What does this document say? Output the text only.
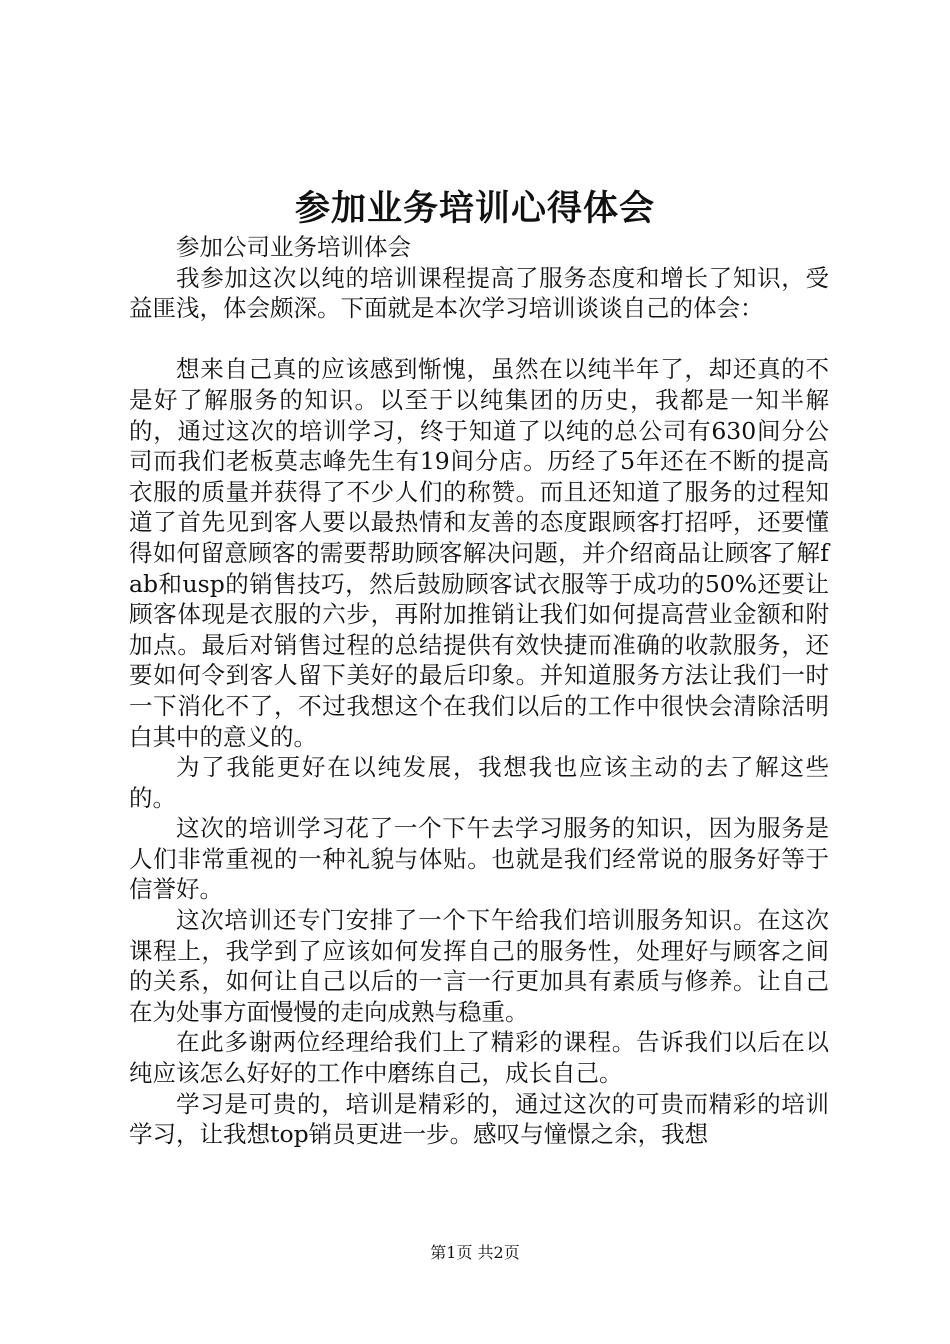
参加业务培训心得体会

参加公司业务培训体会

我参加这次以纯的培训课程提高了服务态度和增长了知识，受益匪浅，体会颇深。下面就是本次学习培训谈谈自己的体会：

想来自己真的应该感到惭愧，虽然在以纯半年了，却还真的不是好了解服务的知识。以至于以纯集团的历史，我都是一知半解的，通过这次的培训学习，终于知道了以纯的总公司有630间分公司而我们老板莫志峰先生有19间分店。历经了5年还在不断的提高衣服的质量并获得了不少人们的称赞。而且还知道了服务的过程知道了首先见到客人要以最热情和友善的态度跟顾客打招呼，还要懂得如何留意顾客的需要帮助顾客解决问题，并介绍商品让顾客了解fab和usp的销售技巧，然后鼓励顾客试衣服等于成功的50%还要让顾客体现是衣服的六步，再附加推销让我们如何提高营业金额和附加点。最后对销售过程的总结提供有效快捷而准确的收款服务，还要如何令到客人留下美好的最后印象。并知道服务方法让我们一时一下消化不了，不过我想这个在我们以后的工作中很快会清除活明白其中的意义的。

为了我能更好在以纯发展，我想我也应该主动的去了解这些的。

这次的培训学习花了一个下午去学习服务的知识，因为服务是人们非常重视的一种礼貌与体贴。也就是我们经常说的服务好等于信誉好。

这次培训还专门安排了一个下午给我们培训服务知识。在这次课程上，我学到了应该如何发挥自己的服务性，处理好与顾客之间的关系，如何让自己以后的一言一行更加具有素质与修养。让自己在为处事方面慢慢的走向成熟与稳重。

在此多谢两位经理给我们上了精彩的课程。告诉我们以后在以纯应该怎么好好的工作中磨练自己，成长自己。

学习是可贵的，培训是精彩的，通过这次的可贵而精彩的培训学习，让我想top销员更进一步。感叹与憧憬之余，我想

第1页 共2页
